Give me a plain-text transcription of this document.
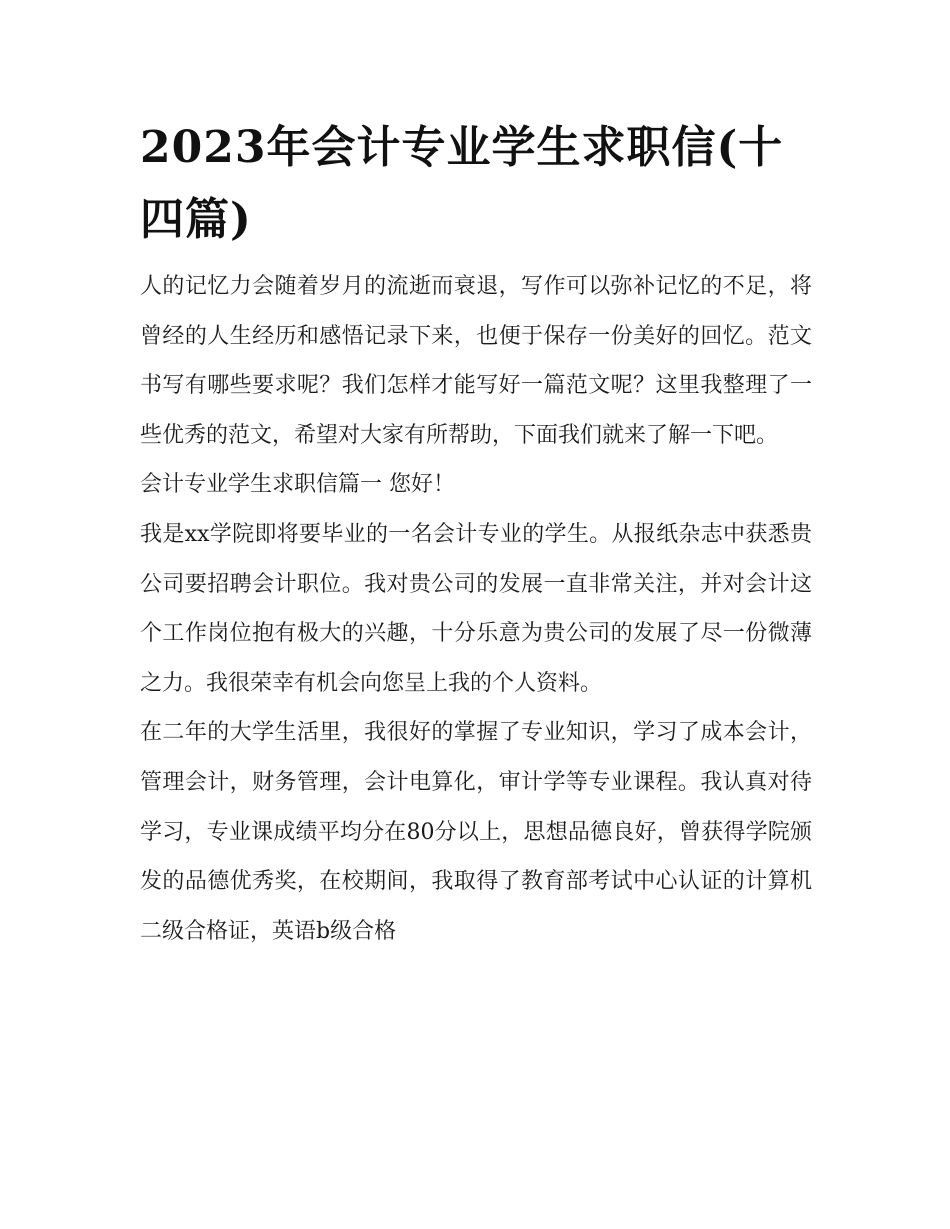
2023年会计专业学生求职信(十四篇)

人的记忆力会随着岁月的流逝而衰退，写作可以弥补记忆的不足，将曾经的人生经历和感悟记录下来，也便于保存一份美好的回忆。范文书写有哪些要求呢？我们怎样才能写好一篇范文呢？这里我整理了一些优秀的范文，希望对大家有所帮助，下面我们就来了解一下吧。

会计专业学生求职信篇一 您好！

我是xx学院即将要毕业的一名会计专业的学生。从报纸杂志中获悉贵公司要招聘会计职位。我对贵公司的发展一直非常关注，并对会计这个工作岗位抱有极大的兴趣，十分乐意为贵公司的发展了尽一份微薄之力。我很荣幸有机会向您呈上我的个人资料。

在二年的大学生活里，我很好的掌握了专业知识，学习了成本会计，管理会计，财务管理，会计电算化，审计学等专业课程。我认真对待学习，专业课成绩平均分在80分以上，思想品德良好，曾获得学院颁发的品德优秀奖，在校期间，我取得了教育部考试中心认证的计算机二级合格证，英语b级合格
